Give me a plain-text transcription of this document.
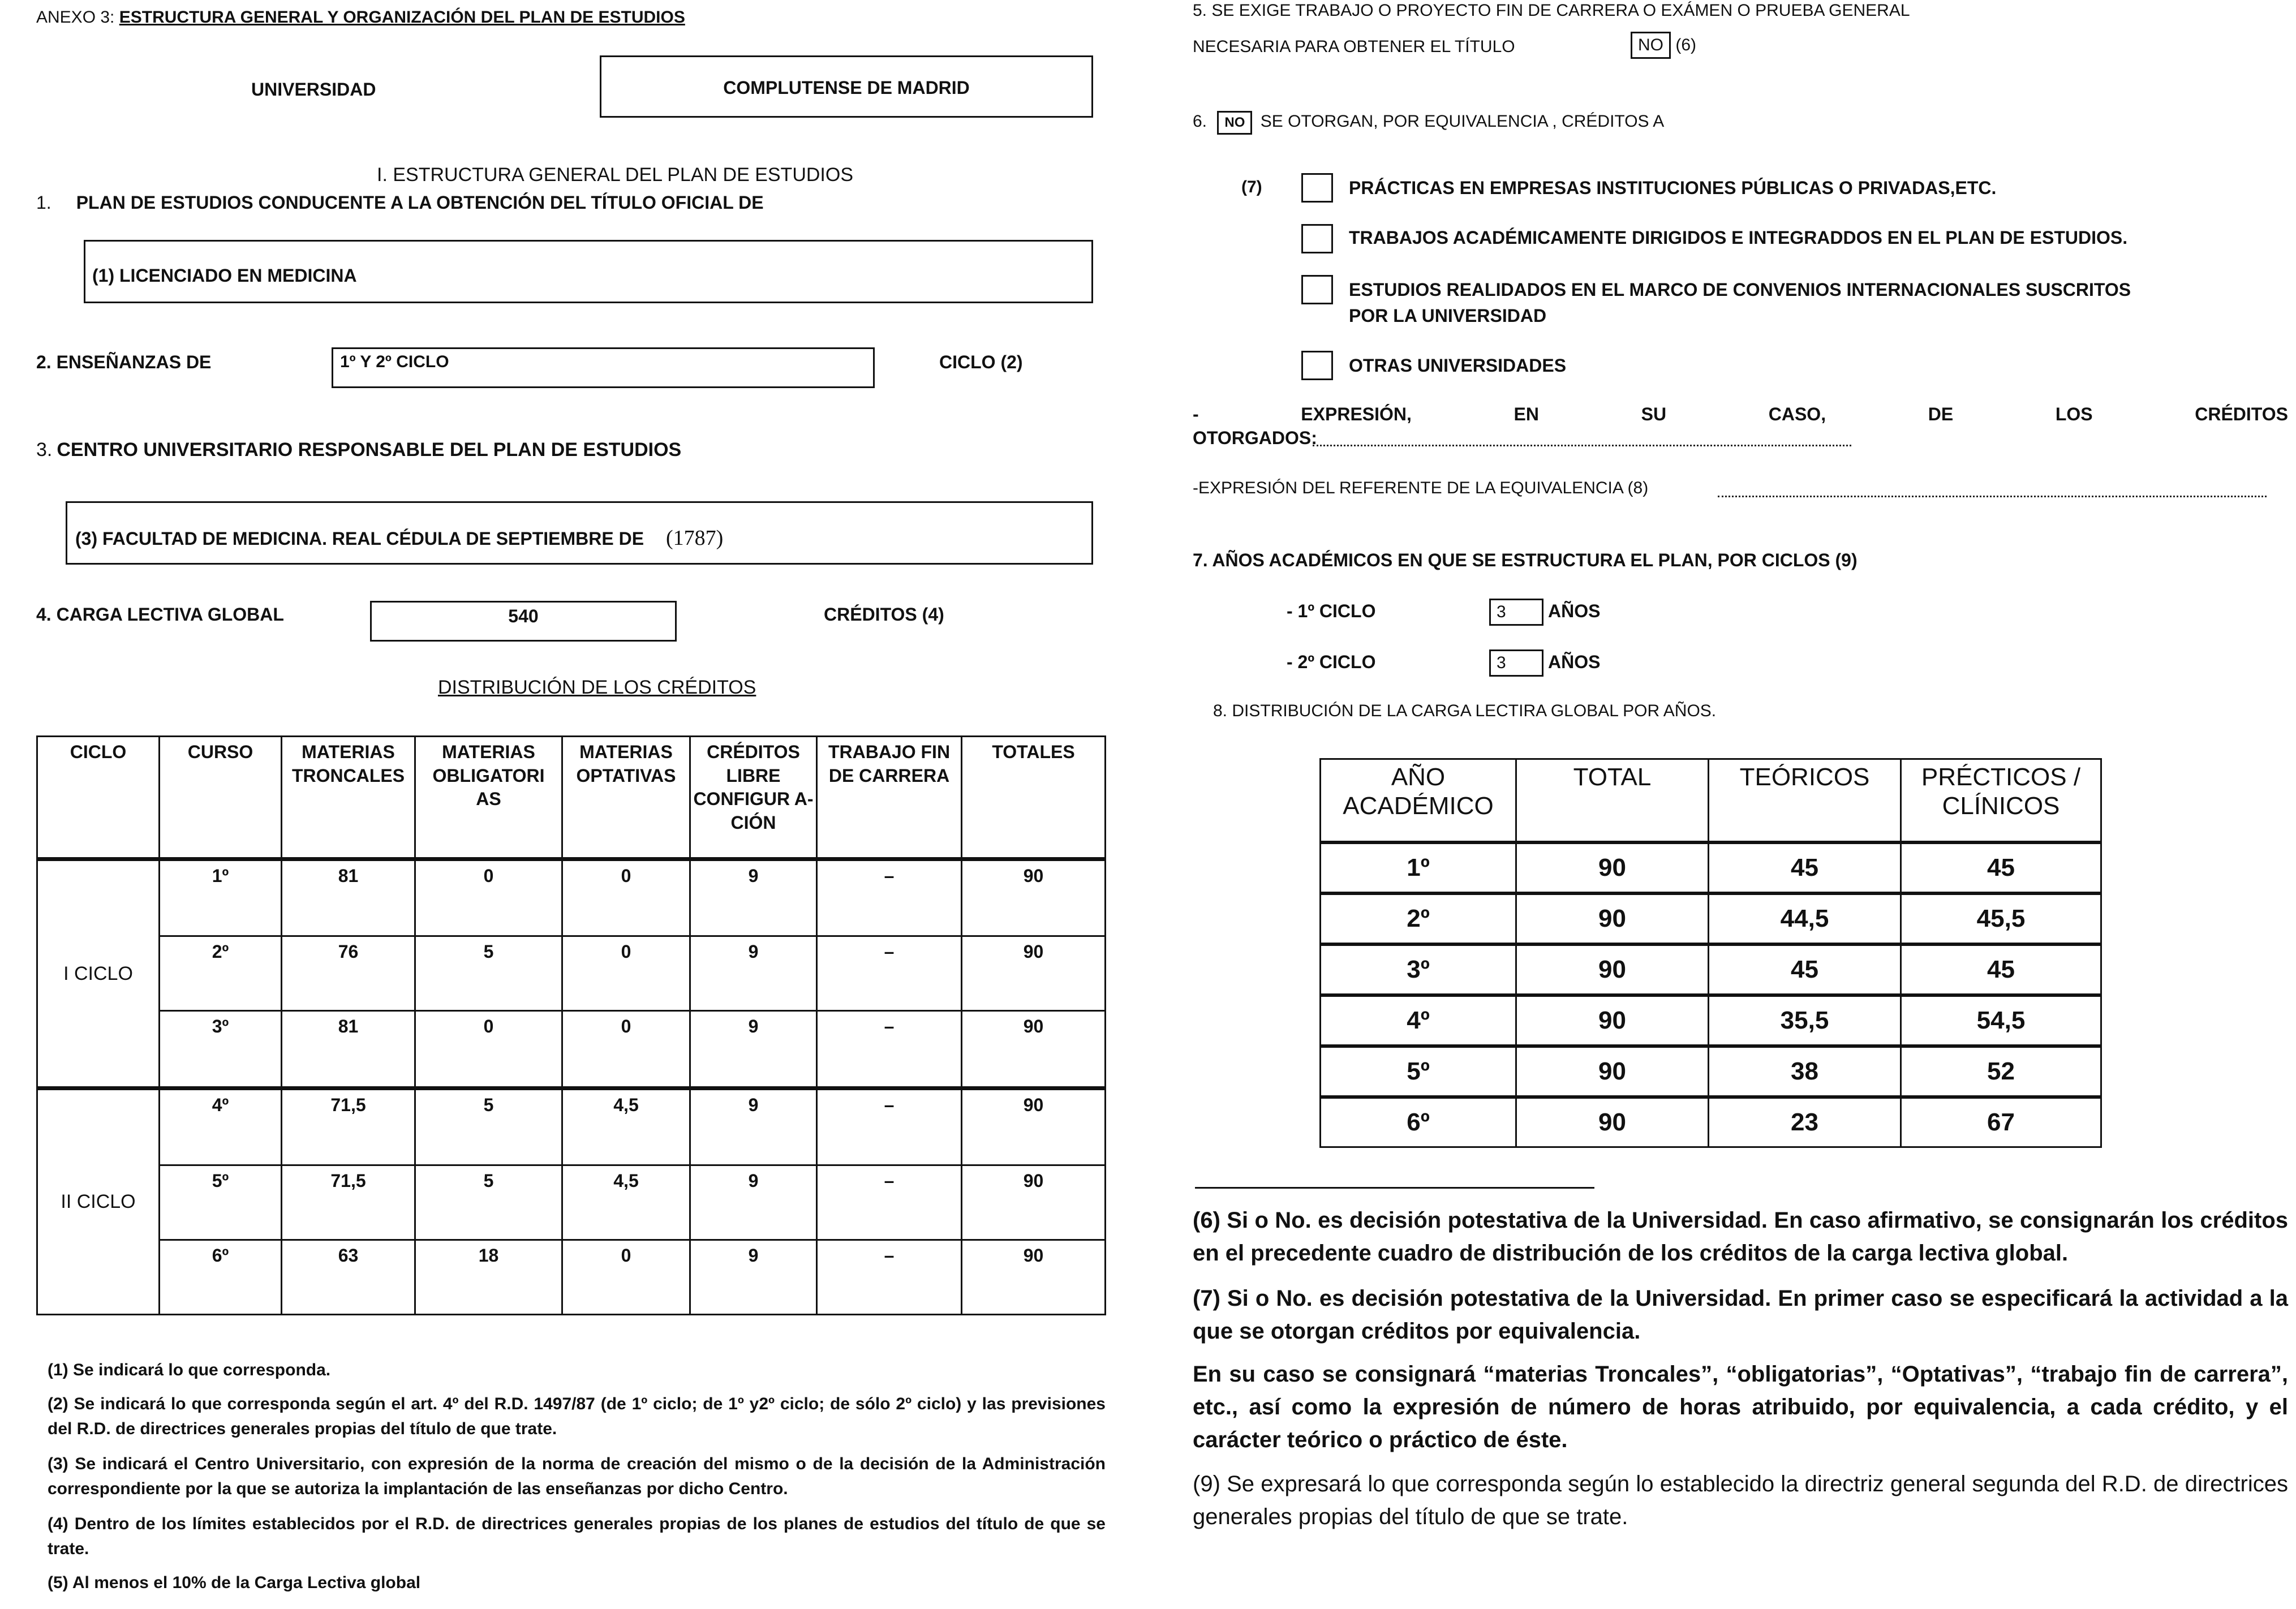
ANEXO 3: ESTRUCTURA GENERAL Y ORGANIZACIÓN DEL PLAN DE ESTUDIOS
UNIVERSIDAD	COMPLUTENSE DE MADRID
I. ESTRUCTURA GENERAL DEL PLAN DE ESTUDIOS
1. PLAN DE ESTUDIOS CONDUCENTE A LA OBTENCIÓN DEL TÍTULO OFICIAL DE
(1) LICENCIADO EN MEDICINA
2. ENSEÑANZAS DE	1º Y 2º CICLO	CICLO (2)
3. CENTRO UNIVERSITARIO RESPONSABLE DEL PLAN DE ESTUDIOS
(3) FACULTAD DE MEDICINA. REAL CÉDULA DE SEPTIEMBRE DE (1787)
4. CARGA LECTIVA GLOBAL	540	CRÉDITOS (4)
DISTRIBUCIÓN DE LOS CRÉDITOS
CICLO	CURSO	MATERIAS TRONCALES	MATERIAS OBLIGATORI AS	MATERIAS OPTATIVAS	CRÉDITOS LIBRE CONFIGUR A-CIÓN	TRABAJO FIN DE CARRERA	TOTALES
I CICLO	1º	81	0	0	9	–	90
	2º	76	5	0	9	–	90
	3º	81	0	0	9	–	90
II CICLO	4º	71,5	5	4,5	9	–	90
	5º	71,5	5	4,5	9	–	90
	6º	63	18	0	9	–	90
(1) Se indicará lo que corresponda.
(2) Se indicará lo que corresponda según el art. 4º del R.D. 1497/87 (de 1º ciclo; de 1º y2º ciclo; de sólo 2º ciclo) y las previsiones del R.D. de directrices generales propias del título de que trate.
(3) Se indicará el Centro Universitario, con expresión de la norma de creación del mismo o de la decisión de la Administración correspondiente por la que se autoriza la implantación de las enseñanzas por dicho Centro.
(4) Dentro de los límites establecidos por el R.D. de directrices generales propias de los planes de estudios del título de que se trate.
(5) Al menos el 10% de la Carga Lectiva global
5. SE EXIGE TRABAJO O PROYECTO FIN DE CARRERA O EXÁMEN O PRUEBA GENERAL
NECESARIA PARA OBTENER EL TÍTULO	NO (6)
6. NO SE OTORGAN, POR EQUIVALENCIA , CRÉDITOS A
(7)	PRÁCTICAS EN EMPRESAS INSTITUCIONES PÚBLICAS O PRIVADAS,ETC.
TRABAJOS ACADÉMICAMENTE DIRIGIDOS E INTEGRADDOS EN EL PLAN DE ESTUDIOS.
ESTUDIOS REALIDADOS EN EL MARCO DE CONVENIOS INTERNACIONALES SUSCRITOS
POR LA UNIVERSIDAD
OTRAS UNIVERSIDADES
-	EXPRESIÓN,	EN	SU	CASO,	DE	LOS	CRÉDITOS
OTORGADOS:
-EXPRESIÓN DEL REFERENTE DE LA EQUIVALENCIA (8)
7. AÑOS ACADÉMICOS EN QUE SE ESTRUCTURA EL PLAN, POR CICLOS (9)
- 1º CICLO	3	AÑOS
- 2º CICLO	3	AÑOS
8. DISTRIBUCIÓN DE LA CARGA LECTIRA GLOBAL POR AÑOS.
AÑO ACADÉMICO	TOTAL	TEÓRICOS	PRÉCTICOS / CLÍNICOS
1º	90	45	45
2º	90	44,5	45,5
3º	90	45	45
4º	90	35,5	54,5
5º	90	38	52
6º	90	23	67
(6) Si o No. es decisión potestativa de la Universidad. En caso afirmativo, se consignarán los créditos en el precedente cuadro de distribución de los créditos de la carga lectiva global.
(7) Si o No. es decisión potestativa de la Universidad. En primer caso se especificará la actividad a la que se otorgan créditos por equivalencia.
En su caso se consignará “materias Troncales”, “obligatorias”, “Optativas”, “trabajo fin de carrera”, etc., así como la expresión de número de horas atribuido, por equivalencia, a cada crédito, y el carácter teórico o práctico de éste.
(9) Se expresará lo que corresponda según lo establecido la directriz general segunda del R.D. de directrices generales propias del título de que se trate.
